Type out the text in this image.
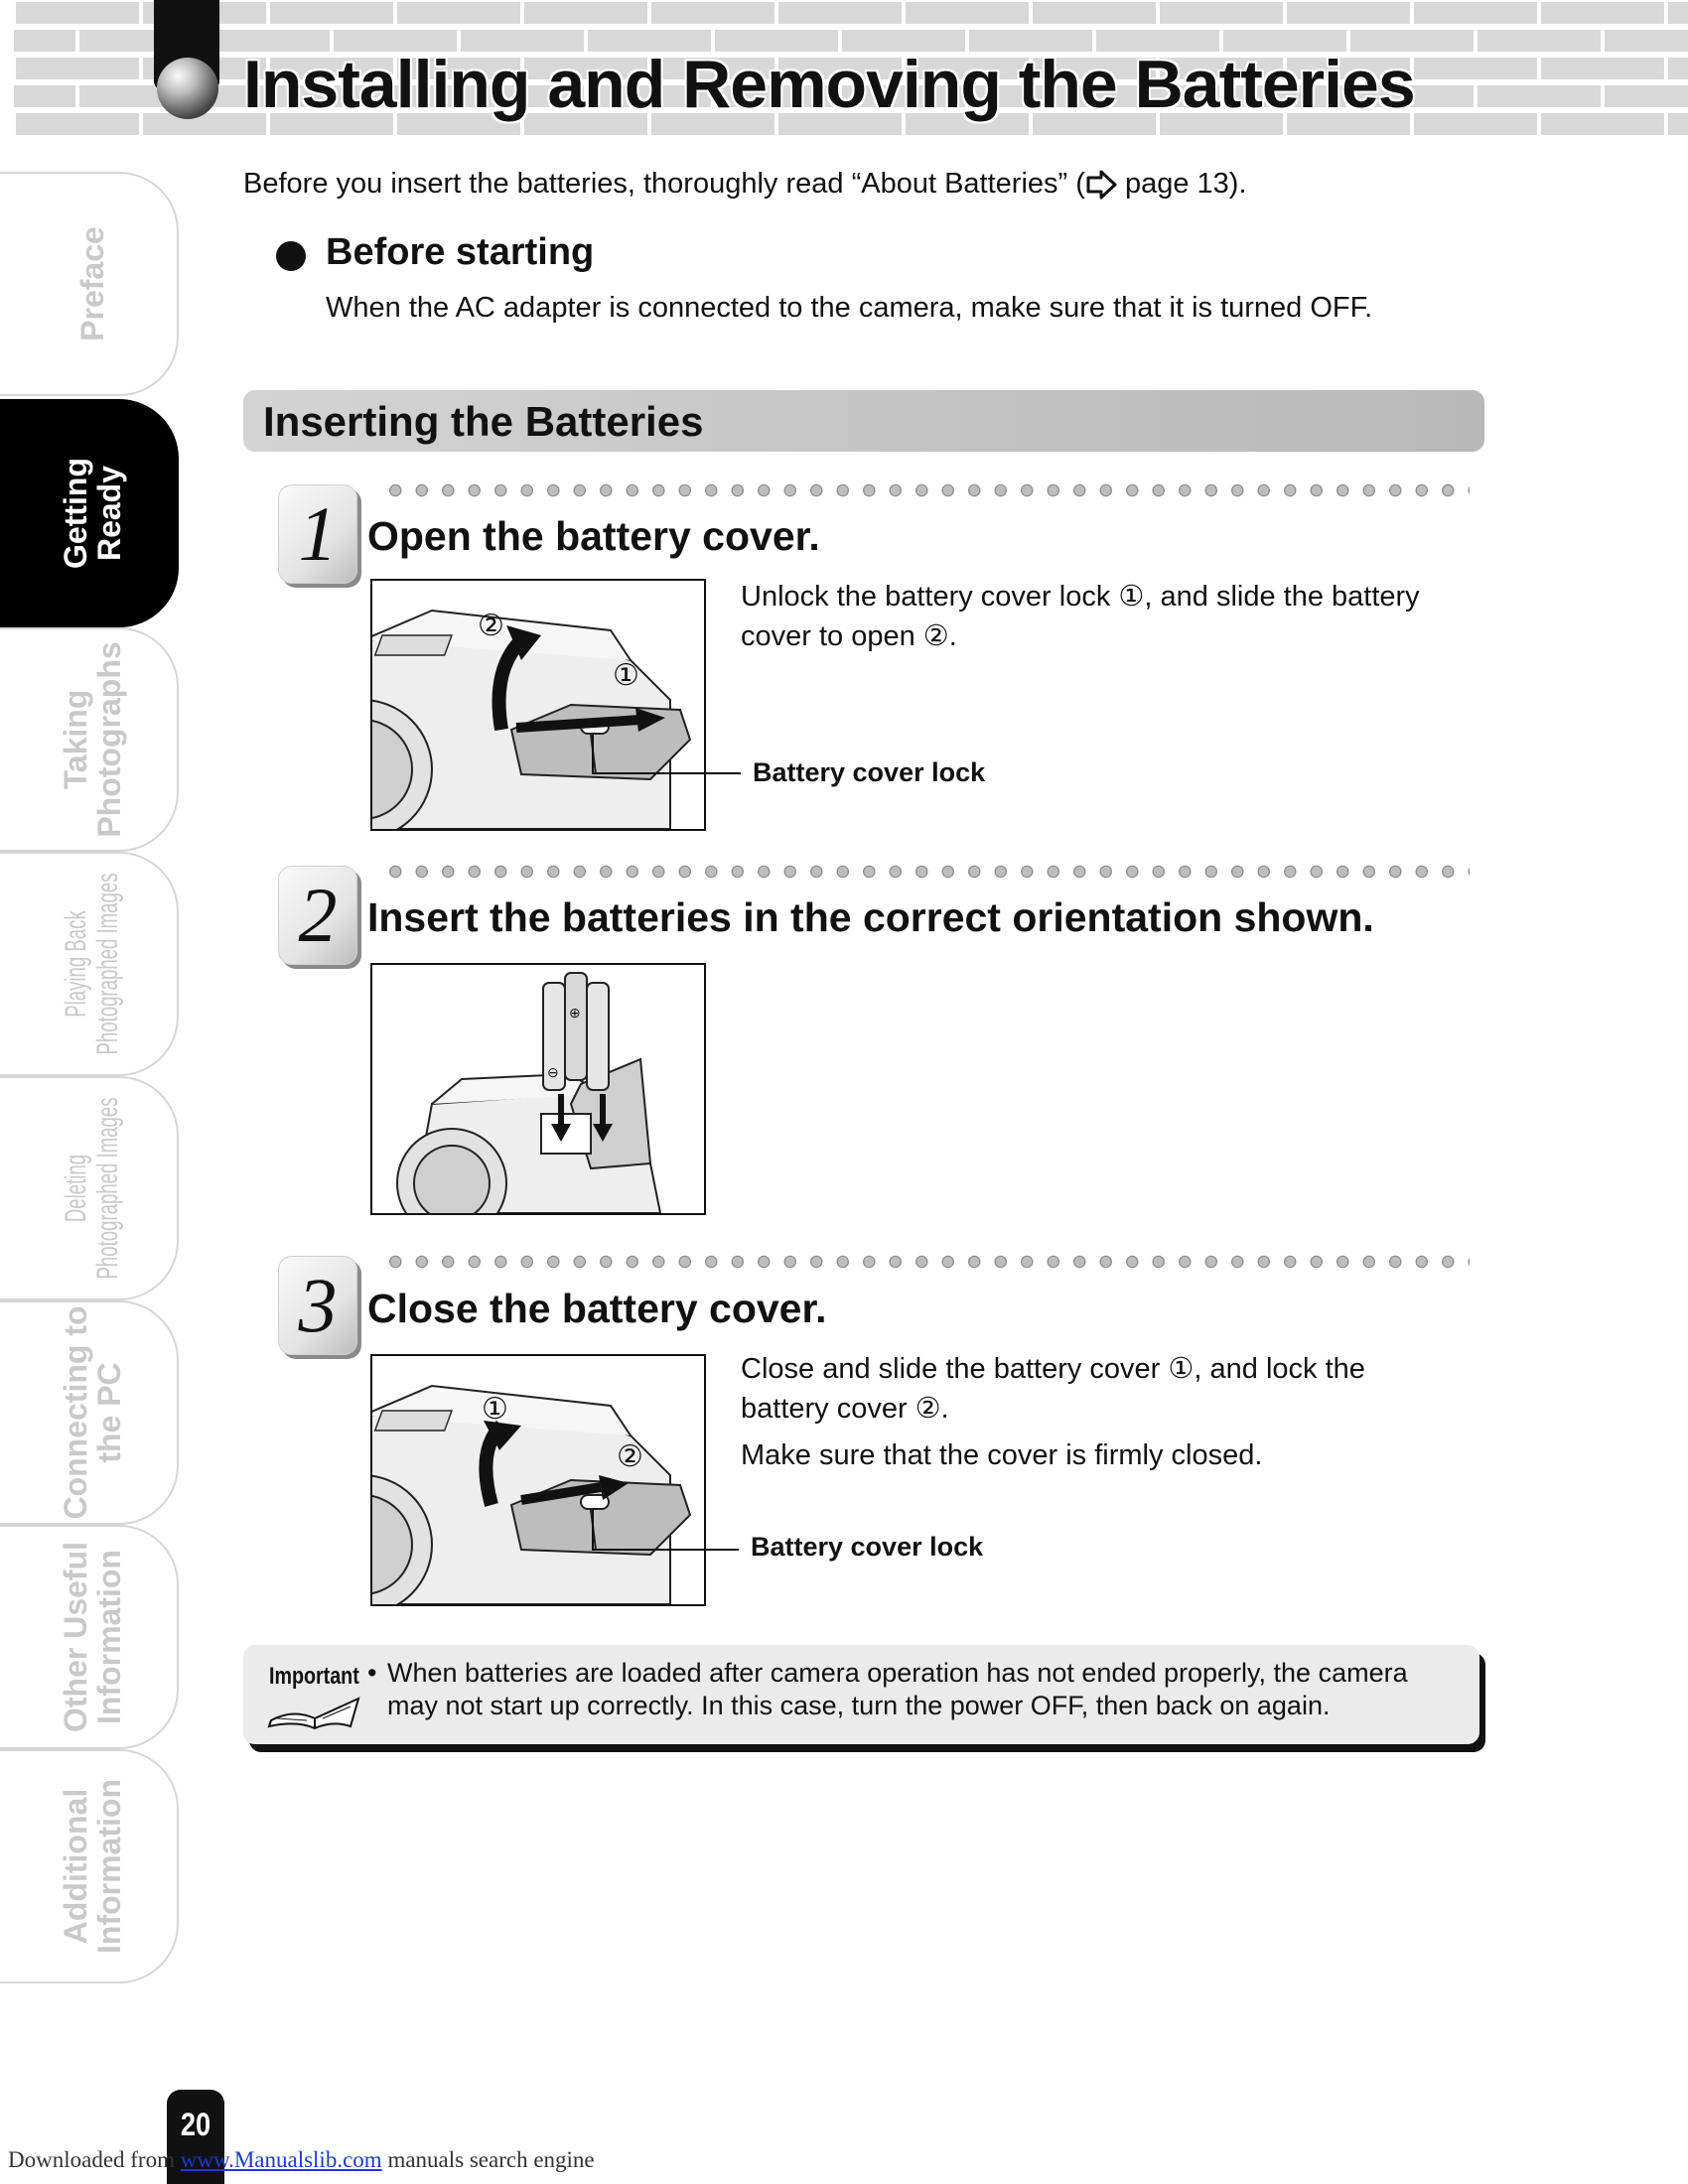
Installing and Removing the Batteries
Preface
Getting
Ready
Taking
Photographs
Playing Back
Photographed Images
Deleting
Photographed Images
Connecting to
the PC
Other Useful
Information
Additional
Information
Before you insert the batteries, thoroughly read “About Batteries” ( page 13).
Before starting
When the AC adapter is connected to the camera, make sure that it is turned OFF.
Inserting the Batteries
1 Open the battery cover.
②
①
Battery cover lock
Unlock the battery cover lock ①, and slide the battery
cover to open ②.
2 Insert the batteries in the correct orientation shown.
⊕
⊖
3 Close the battery cover.
①
②
Battery cover lock
Close and slide the battery cover ①, and lock the
battery cover ②.
Make sure that the cover is firmly closed.
Important • When batteries are loaded after camera operation has not ended properly, the camera
may not start up correctly. In this case, turn the power OFF, then back on again.
20
Downloaded from www.Manualslib.com manuals search engine
